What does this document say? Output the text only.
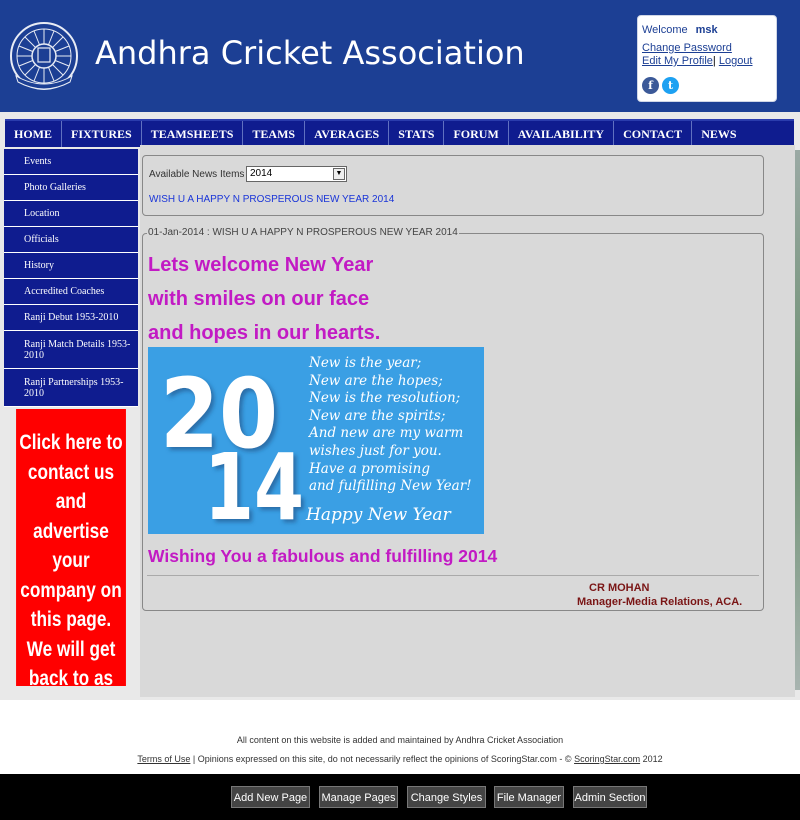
Andhra Cricket Association
Welcome msk
Change Password
Edit My Profile| Logout
f	t
HOME	FIXTURES	TEAMSHEETS	TEAMS	AVERAGES	STATS	FORUM	AVAILABILITY	CONTACT	NEWS
Events
Photo Galleries
Location
Officials
History
Accredited Coaches
Ranji Debut 1953-2010
Ranji Match Details 1953-2010
Ranji Partnerships 1953-2010
Click here to contact us and advertise your company on this page. We will get back to as soon as possible.
Available News Items 2014	▼
WISH U A HAPPY N PROSPEROUS NEW YEAR 2014
01-Jan-2014 : WISH U A HAPPY N PROSPEROUS NEW YEAR 2014
Lets welcome New Year
with smiles on our face
and hopes in our hearts.
20
14
New is the year;
New are the hopes;
New is the resolution;
New are the spirits;
And new are my warm
wishes just for you.
Have a promising
and fulfilling New Year!
Happy New Year
Wishing You a fabulous and fulfilling 2014
CR MOHAN
Manager-Media Relations, ACA.
All content on this website is added and maintained by Andhra Cricket Association
Terms of Use | Opinions expressed on this site, do not necessarily reflect the opinions of ScoringStar.com - © ScoringStar.com 2012
Add New Page Manage Pages	Change Styles	File Manager Admin Section
